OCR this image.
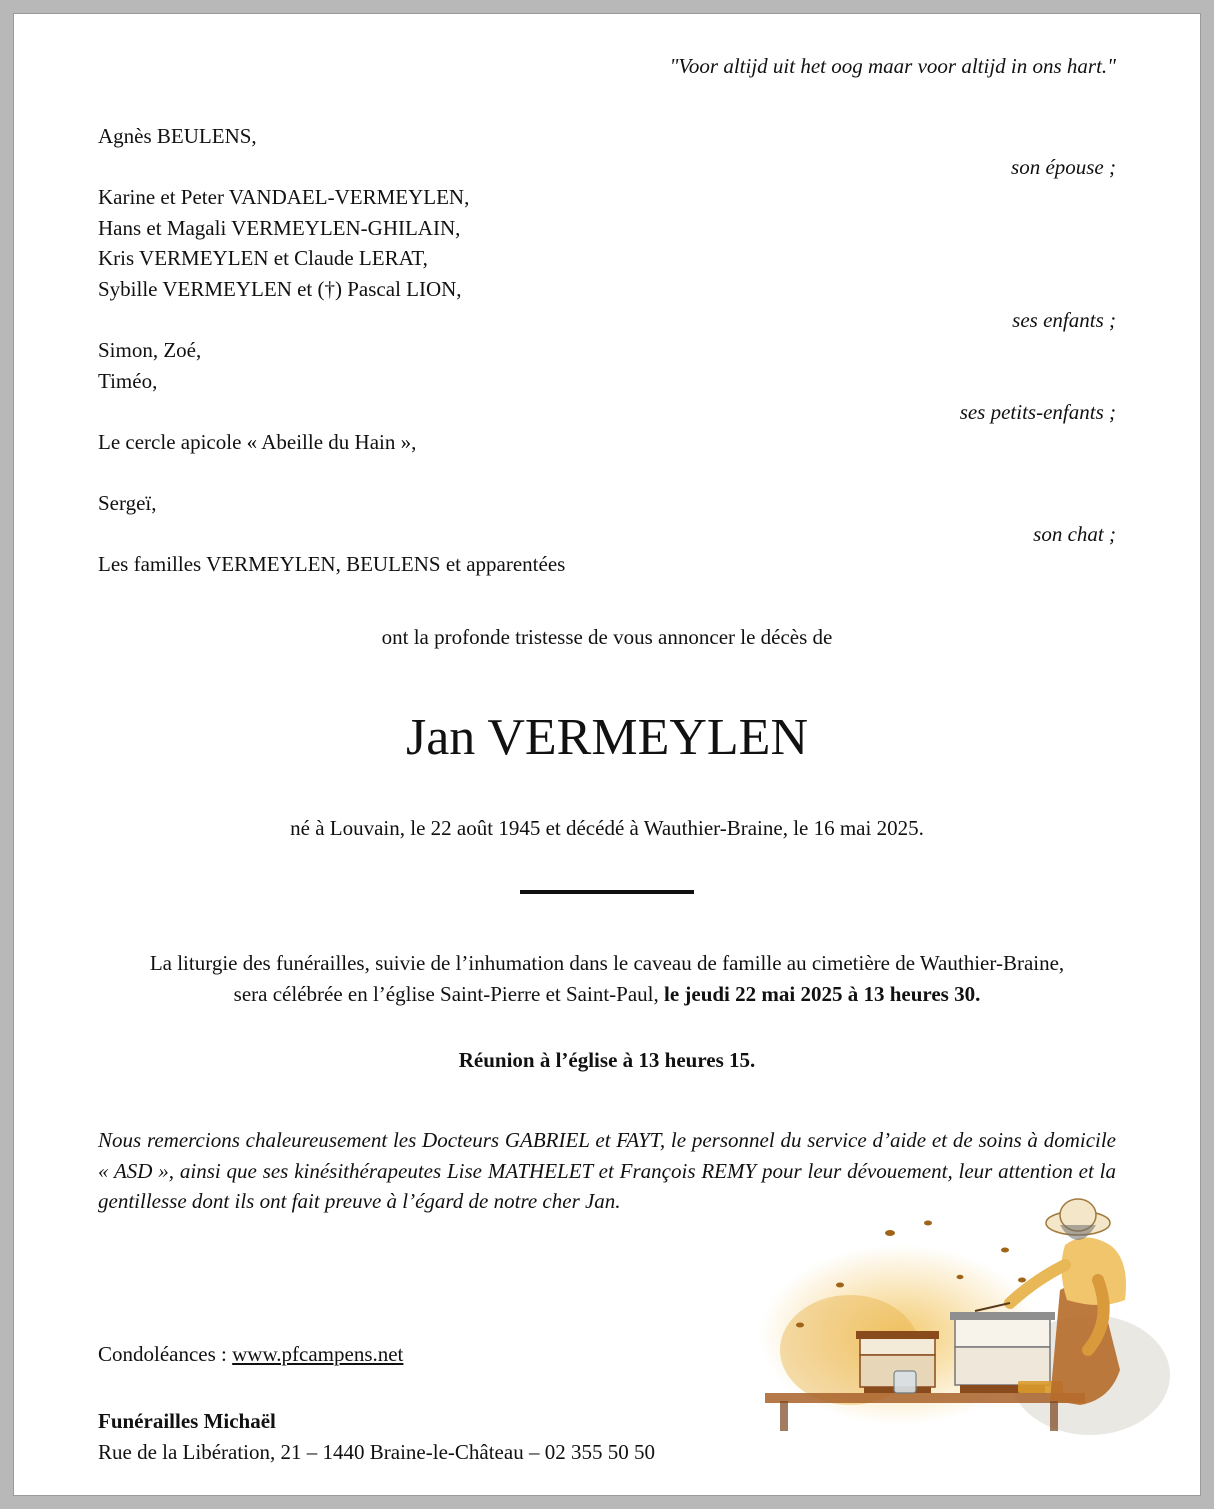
"Voor altijd uit het oog maar voor altijd in ons hart."
Agnès BEULENS,
son épouse ;
Karine et Peter VANDAEL-VERMEYLEN,
Hans et Magali VERMEYLEN-GHILAIN,
Kris VERMEYLEN et Claude LERAT,
Sybille VERMEYLEN et (†) Pascal LION,
ses enfants ;
Simon, Zoé,
Timéo,
ses petits-enfants ;
Le cercle apicole « Abeille du Hain »,
Sergeï,
son chat ;
Les familles VERMEYLEN, BEULENS et apparentées
ont la profonde tristesse de vous annoncer le décès de
Jan VERMEYLEN
né à Louvain, le 22 août 1945 et décédé à Wauthier-Braine, le 16 mai 2025.
La liturgie des funérailles, suivie de l’inhumation dans le caveau de famille au cimetière de Wauthier-Braine,
sera célébrée en l’église Saint-Pierre et Saint-Paul, le jeudi 22 mai 2025 à 13 heures 30.
Réunion à l’église à 13 heures 15.
Nous remercions chaleureusement les Docteurs GABRIEL et FAYT, le personnel du service d’aide et de soins à domicile « ASD », ainsi que ses kinésithérapeutes Lise MATHELET et François REMY pour leur dévouement, leur attention et la gentillesse dont ils ont fait preuve à l’égard de notre cher Jan.
Condoléances : www.pfcampens.net
Funérailles Michaël
Rue de la Libération, 21 – 1440 Braine-le-Château – 02 355 50 50
